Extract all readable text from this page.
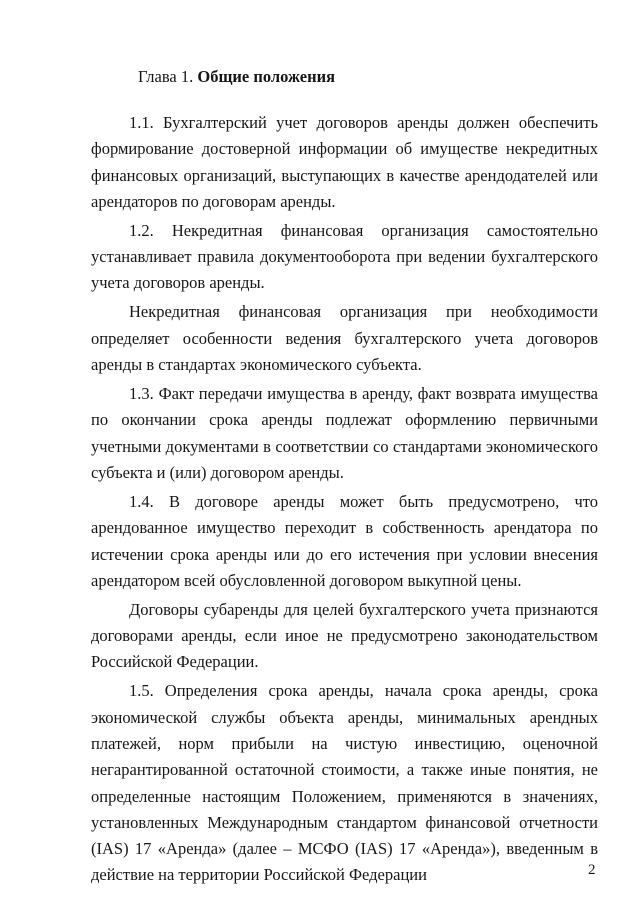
Глава 1. Общие положения

1.1. Бухгалтерский учет договоров аренды должен обеспечить формирование достоверной информации об имуществе некредитных финансовых организаций, выступающих в качестве арендодателей или арендаторов по договорам аренды.

1.2. Некредитная финансовая организация самостоятельно устанавливает правила документооборота при ведении бухгалтерского учета договоров аренды.

Некредитная финансовая организация при необходимости определяет особенности ведения бухгалтерского учета договоров аренды в стандартах экономического субъекта.

1.3. Факт передачи имущества в аренду, факт возврата имущества по окончании срока аренды подлежат оформлению первичными учетными документами в соответствии со стандартами экономического субъекта и (или) договором аренды.

1.4. В договоре аренды может быть предусмотрено, что арендованное имущество переходит в собственность арендатора по истечении срока аренды или до его истечения при условии внесения арендатором всей обусловленной договором выкупной цены.

Договоры субаренды для целей бухгалтерского учета признаются договорами аренды, если иное не предусмотрено законодательством Российской Федерации.

1.5. Определения срока аренды, начала срока аренды, срока экономической службы объекта аренды, минимальных арендных платежей, норм прибыли на чистую инвестицию, оценочной негарантированной остаточной стоимости, а также иные понятия, не определенные настоящим Положением, применяются в значениях, установленных Международным стандартом финансовой отчетности (IAS) 17 «Аренда» (далее – МСФО (IAS) 17 «Аренда»), введенным в действие на территории Российской Федерации	2
